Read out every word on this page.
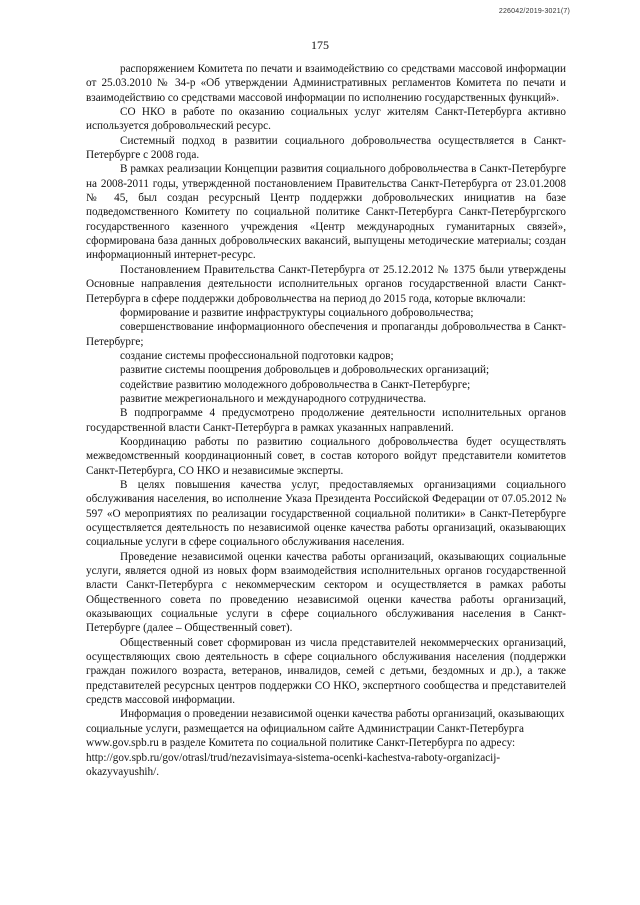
226042/2019-3021(7)
175

распоряжением Комитета по печати и взаимодействию со средствами массовой информации от 25.03.2010 № 34-р «Об утверждении Административных регламентов Комитета по печати и взаимодействию со средствами массовой информации по исполнению государственных функций».

СО НКО в работе по оказанию социальных услуг жителям Санкт-Петербурга активно используется добровольческий ресурс.

Системный подход в развитии социального добровольчества осуществляется в Санкт-Петербурге с 2008 года.

В рамках реализации Концепции развития социального добровольчества в Санкт-Петербурге на 2008-2011 годы, утвержденной постановлением Правительства Санкт-Петербурга от 23.01.2008 № 45, был создан ресурсный Центр поддержки добровольческих инициатив на базе подведомственного Комитету по социальной политике Санкт-Петербурга Санкт-Петербургского государственного казенного учреждения «Центр международных гуманитарных связей», сформирована база данных добровольческих вакансий, выпущены методические материалы; создан информационный интернет-ресурс.

Постановлением Правительства Санкт-Петербурга от 25.12.2012 № 1375 были утверждены Основные направления деятельности исполнительных органов государственной власти Санкт-Петербурга в сфере поддержки добровольчества на период до 2015 года, которые включали:

формирование и развитие инфраструктуры социального добровольчества;

совершенствование информационного обеспечения и пропаганды добровольчества в Санкт-Петербурге;

создание системы профессиональной подготовки кадров;

развитие системы поощрения добровольцев и добровольческих организаций;

содействие развитию молодежного добровольчества в Санкт-Петербурге;

развитие межрегионального и международного сотрудничества.

В подпрограмме 4 предусмотрено продолжение деятельности исполнительных органов государственной власти Санкт-Петербурга в рамках указанных направлений.

Координацию работы по развитию социального добровольчества будет осуществлять межведомственный координационный совет, в состав которого войдут представители комитетов Санкт-Петербурга, СО НКО и независимые эксперты.

В целях повышения качества услуг, предоставляемых организациями социального обслуживания населения, во исполнение Указа Президента Российской Федерации от 07.05.2012 № 597 «О мероприятиях по реализации государственной социальной политики» в Санкт-Петербурге осуществляется деятельность по независимой оценке качества работы организаций, оказывающих социальные услуги в сфере социального обслуживания населения.

Проведение независимой оценки качества работы организаций, оказывающих социальные услуги, является одной из новых форм взаимодействия исполнительных органов государственной власти Санкт-Петербурга с некоммерческим сектором и осуществляется в рамках работы Общественного совета по проведению независимой оценки качества работы организаций, оказывающих социальные услуги в сфере социального обслуживания населения в Санкт-Петербурге (далее – Общественный совет).

Общественный совет сформирован из числа представителей некоммерческих организаций, осуществляющих свою деятельность в сфере социального обслуживания населения (поддержки граждан пожилого возраста, ветеранов, инвалидов, семей с детьми, бездомных и др.), а также представителей ресурсных центров поддержки СО НКО, экспертного сообщества и представителей средств массовой информации.

Информация о проведении независимой оценки качества работы организаций, оказывающих социальные услуги, размещается на официальном сайте Администрации Санкт-Петербурга www.gov.spb.ru в разделе Комитета по социальной политике Санкт-Петербурга по адресу: http://gov.spb.ru/gov/otrasl/trud/nezavisimaya-sistema-ocenki-kachestva-raboty-organizacij-okazyvayushih/.
